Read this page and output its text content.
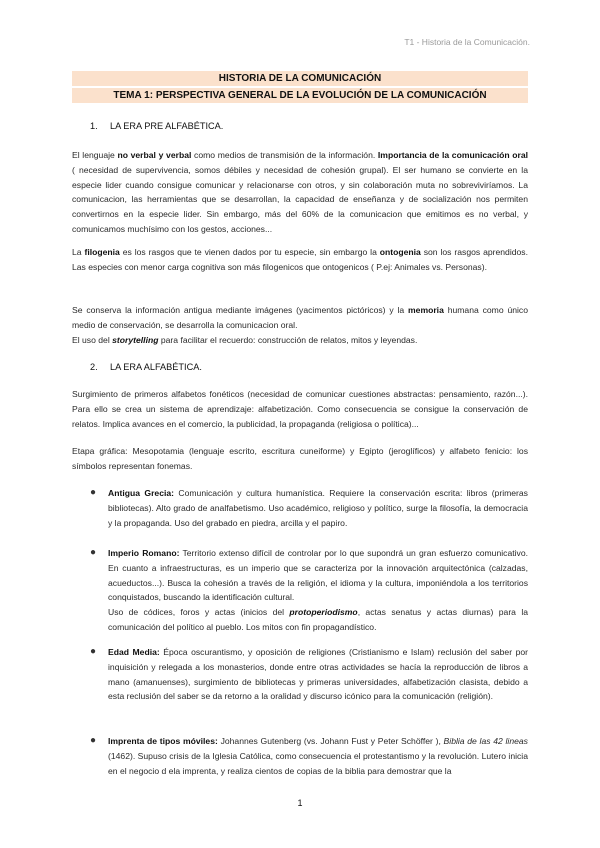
T1 - Historia de la Comunicación.
HISTORIA DE LA COMUNICACIÓN
TEMA 1: PERSPECTIVA GENERAL DE LA EVOLUCIÓN DE LA COMUNICACIÓN
1. LA ERA PRE ALFABÉTICA.
El lenguaje no verbal y verbal como medios de transmisión de la información. Importancia de la comunicación oral ( necesidad de supervivencia, somos débiles y necesidad de cohesión grupal). El ser humano se convierte en la especie lider cuando consigue comunicar y relacionarse con otros, y sin colaboración muta no sobreviviríamos. La comunicacion, las herramientas que se desarrollan, la capacidad de enseñanza y de socialización nos permiten convertirnos en la especie lider. Sin embargo, más del 60% de la comunicacion que emitimos es no verbal, y comunicamos muchísimo con los gestos, acciones...
La filogenia es los rasgos que te vienen dados por tu especie, sin embargo la ontogenia son los rasgos aprendidos. Las especies con menor carga cognitiva son más filogenicos que ontogenicos ( P.ej: Animales vs. Personas).
Se conserva la información antigua mediante imágenes (yacimentos pictóricos) y la memoria humana como único medio de conservación, se desarrolla la comunicacion oral.
El uso del storytelling para facilitar el recuerdo: construcción de relatos, mitos y leyendas.
2. LA ERA ALFABÉTICA.
Surgimiento de primeros alfabetos fonéticos (necesidad de comunicar cuestiones abstractas: pensamiento, razón...). Para ello se crea un sistema de aprendizaje: alfabetización. Como consecuencia se consigue la conservación de relatos. Implica avances en el comercio, la publicidad, la propaganda (religiosa o política)...
Etapa gráfica: Mesopotamia (lenguaje escrito, escritura cuneiforme) y Egipto (jeroglíficos) y alfabeto fenicio: los símbolos representan fonemas.
● Antigua Grecia: Comunicación y cultura humanística. Requiere la conservación escrita: libros (primeras bibliotecas). Alto grado de analfabetismo. Uso académico, religioso y político, surge la filosofía, la democracia y la propaganda. Uso del grabado en piedra, arcilla y el papiro.
● Imperio Romano: Territorio extenso difícil de controlar por lo que supondrá un gran esfuerzo comunicativo. En cuanto a infraestructuras, es un imperio que se caracteriza por la innovación arquitectónica (calzadas, acueductos...). Busca la cohesión a través de la religión, el idioma y la cultura, imponiéndola a los territorios conquistados, buscando la identificación cultural.
Uso de códices, foros y actas (inicios del protoperiodismo, actas senatus y actas diurnas) para la comunicación del político al pueblo. Los mitos con fin propagandístico.
● Edad Media: Época oscurantismo, y oposición de religiones (Cristianismo e Islam) reclusión del saber por inquisición y relegada a los monasterios, donde entre otras actividades se hacía la reproducción de libros a mano (amanuenses), surgimiento de bibliotecas y primeras universidades, alfabetización clasista, debido a esta reclusión del saber se da retorno a la oralidad y discurso icónico para la comunicación (religión).
● Imprenta de tipos móviles: Johannes Gutenberg (vs. Johann Fust y Peter Schöffer ), Biblia de las 42 lineas (1462). Supuso crisis de la Iglesia Católica, como consecuencia el protestantismo y la revolución. Lutero inicia en el negocio d ela imprenta, y realiza cientos de copias de la biblia para demostrar que la
1
